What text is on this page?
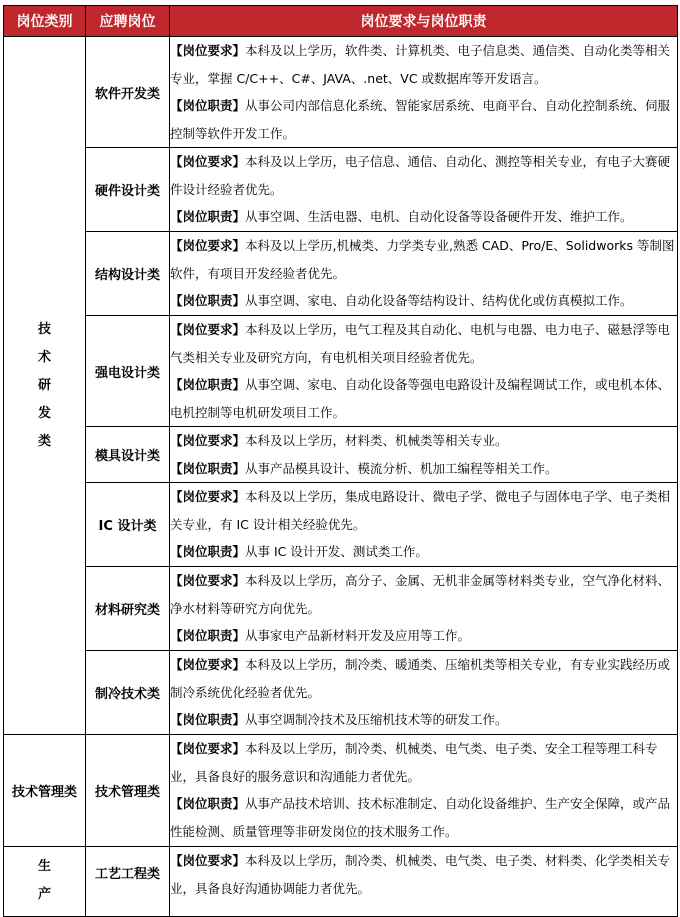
岗位类别	应聘岗位	岗位要求与岗位职责
技术研发类	软件开发类	【岗位要求】本科及以上学历，软件类、计算机类、电子信息类、通信类、自动化类等相关专业，掌握 C/C++、C#、JAVA、.net、VC 或数据库等开发语言。

【岗位职责】从事公司内部信息化系统、智能家居系统、电商平台、自动化控制系统、伺服控制等软件开发工作。

	硬件设计类	【岗位要求】本科及以上学历，电子信息、通信、自动化、测控等相关专业，有电子大赛硬件设计经验者优先。

【岗位职责】从事空调、生活电器、电机、自动化设备等设备硬件开发、维护工作。

	结构设计类	【岗位要求】本科及以上学历,机械类、力学类专业,熟悉 CAD、Pro/E、Solidworks 等制图软件，有项目开发经验者优先。

【岗位职责】从事空调、家电、自动化设备等结构设计、结构优化或仿真模拟工作。

	强电设计类	【岗位要求】本科及以上学历，电气工程及其自动化、电机与电器、电力电子、磁悬浮等电气类相关专业及研究方向，有电机相关项目经验者优先。

【岗位职责】从事空调、家电、自动化设备等强电电路设计及编程调试工作，或电机本体、电机控制等电机研发项目工作。

	模具设计类	【岗位要求】本科及以上学历，材料类、机械类等相关专业。

【岗位职责】从事产品模具设计、模流分析、机加工编程等相关工作。

	IC 设计类	【岗位要求】本科及以上学历，集成电路设计、微电子学、微电子与固体电子学、电子类相关专业，有 IC 设计相关经验优先。

【岗位职责】从事 IC 设计开发、测试类工作。

	材料研究类	【岗位要求】本科及以上学历，高分子、金属、无机非金属等材料类专业，空气净化材料、净水材料等研究方向优先。

【岗位职责】从事家电产品新材料开发及应用等工作。

	制冷技术类	【岗位要求】本科及以上学历，制冷类、暖通类、压缩机类等相关专业，有专业实践经历或制冷系统优化经验者优先。

【岗位职责】从事空调制冷技术及压缩机技术等的研发工作。

技术管理类	技术管理类	【岗位要求】本科及以上学历，制冷类、机械类、电气类、电子类、安全工程等理工科专业，具备良好的服务意识和沟通能力者优先。

【岗位职责】从事产品技术培训、技术标准制定、自动化设备维护、生产安全保障，或产品性能检测、质量管理等非研发岗位的技术服务工作。

生产	工艺工程类	【岗位要求】本科及以上学历，制冷类、机械类、电气类、电子类、材料类、化学类相关专业，具备良好沟通协调能力者优先。
